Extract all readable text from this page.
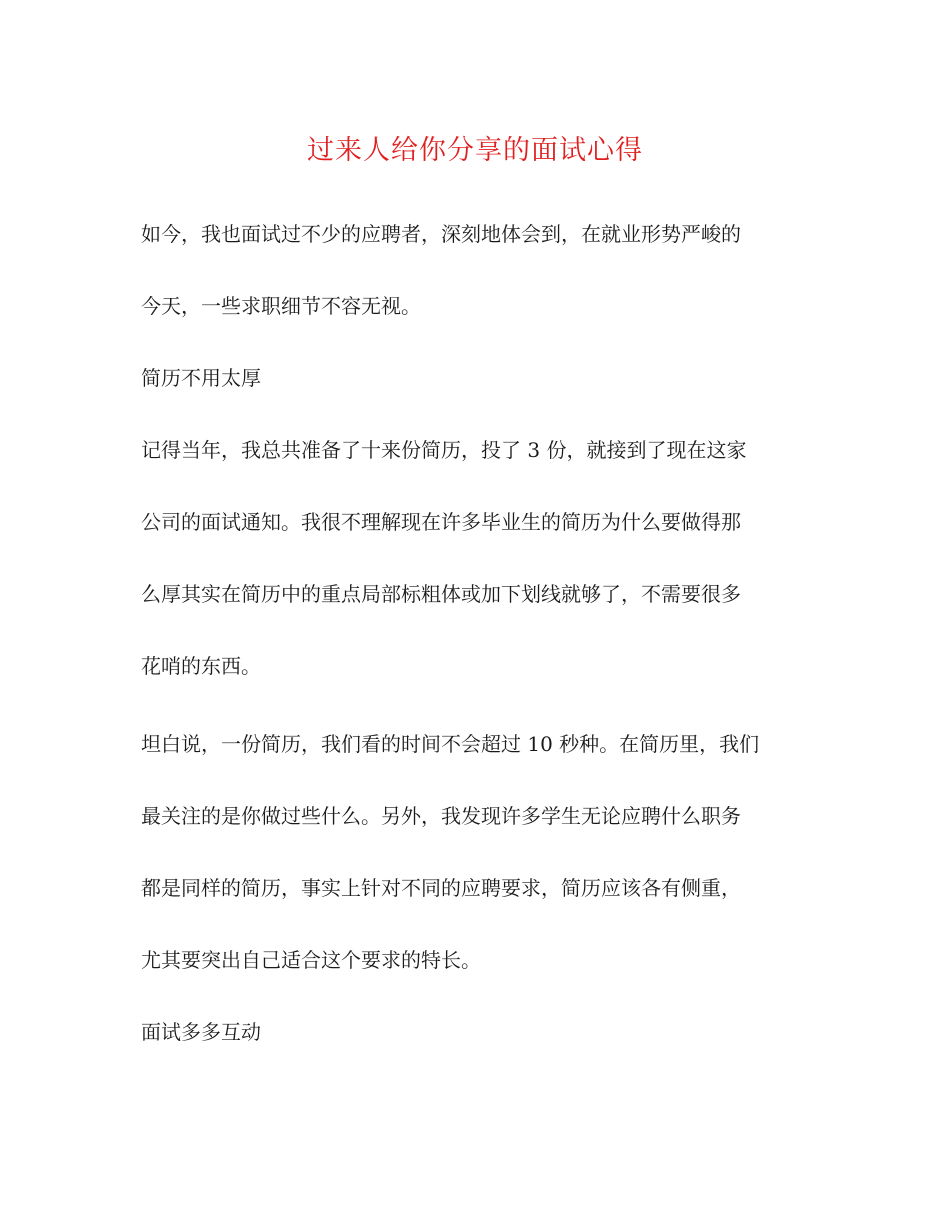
过来人给你分享的面试心得

如今，我也面试过不少的应聘者，深刻地体会到，在就业形势严峻的

今天，一些求职细节不容无视。

简历不用太厚

记得当年，我总共准备了十来份简历，投了 3 份，就接到了现在这家

公司的面试通知。我很不理解现在许多毕业生的简历为什么要做得那

么厚其实在简历中的重点局部标粗体或加下划线就够了，不需要很多

花哨的东西。

坦白说，一份简历，我们看的时间不会超过 10 秒种。在简历里，我们

最关注的是你做过些什么。另外，我发现许多学生无论应聘什么职务

都是同样的简历，事实上针对不同的应聘要求，简历应该各有侧重，

尤其要突出自己适合这个要求的特长。

面试多多互动
